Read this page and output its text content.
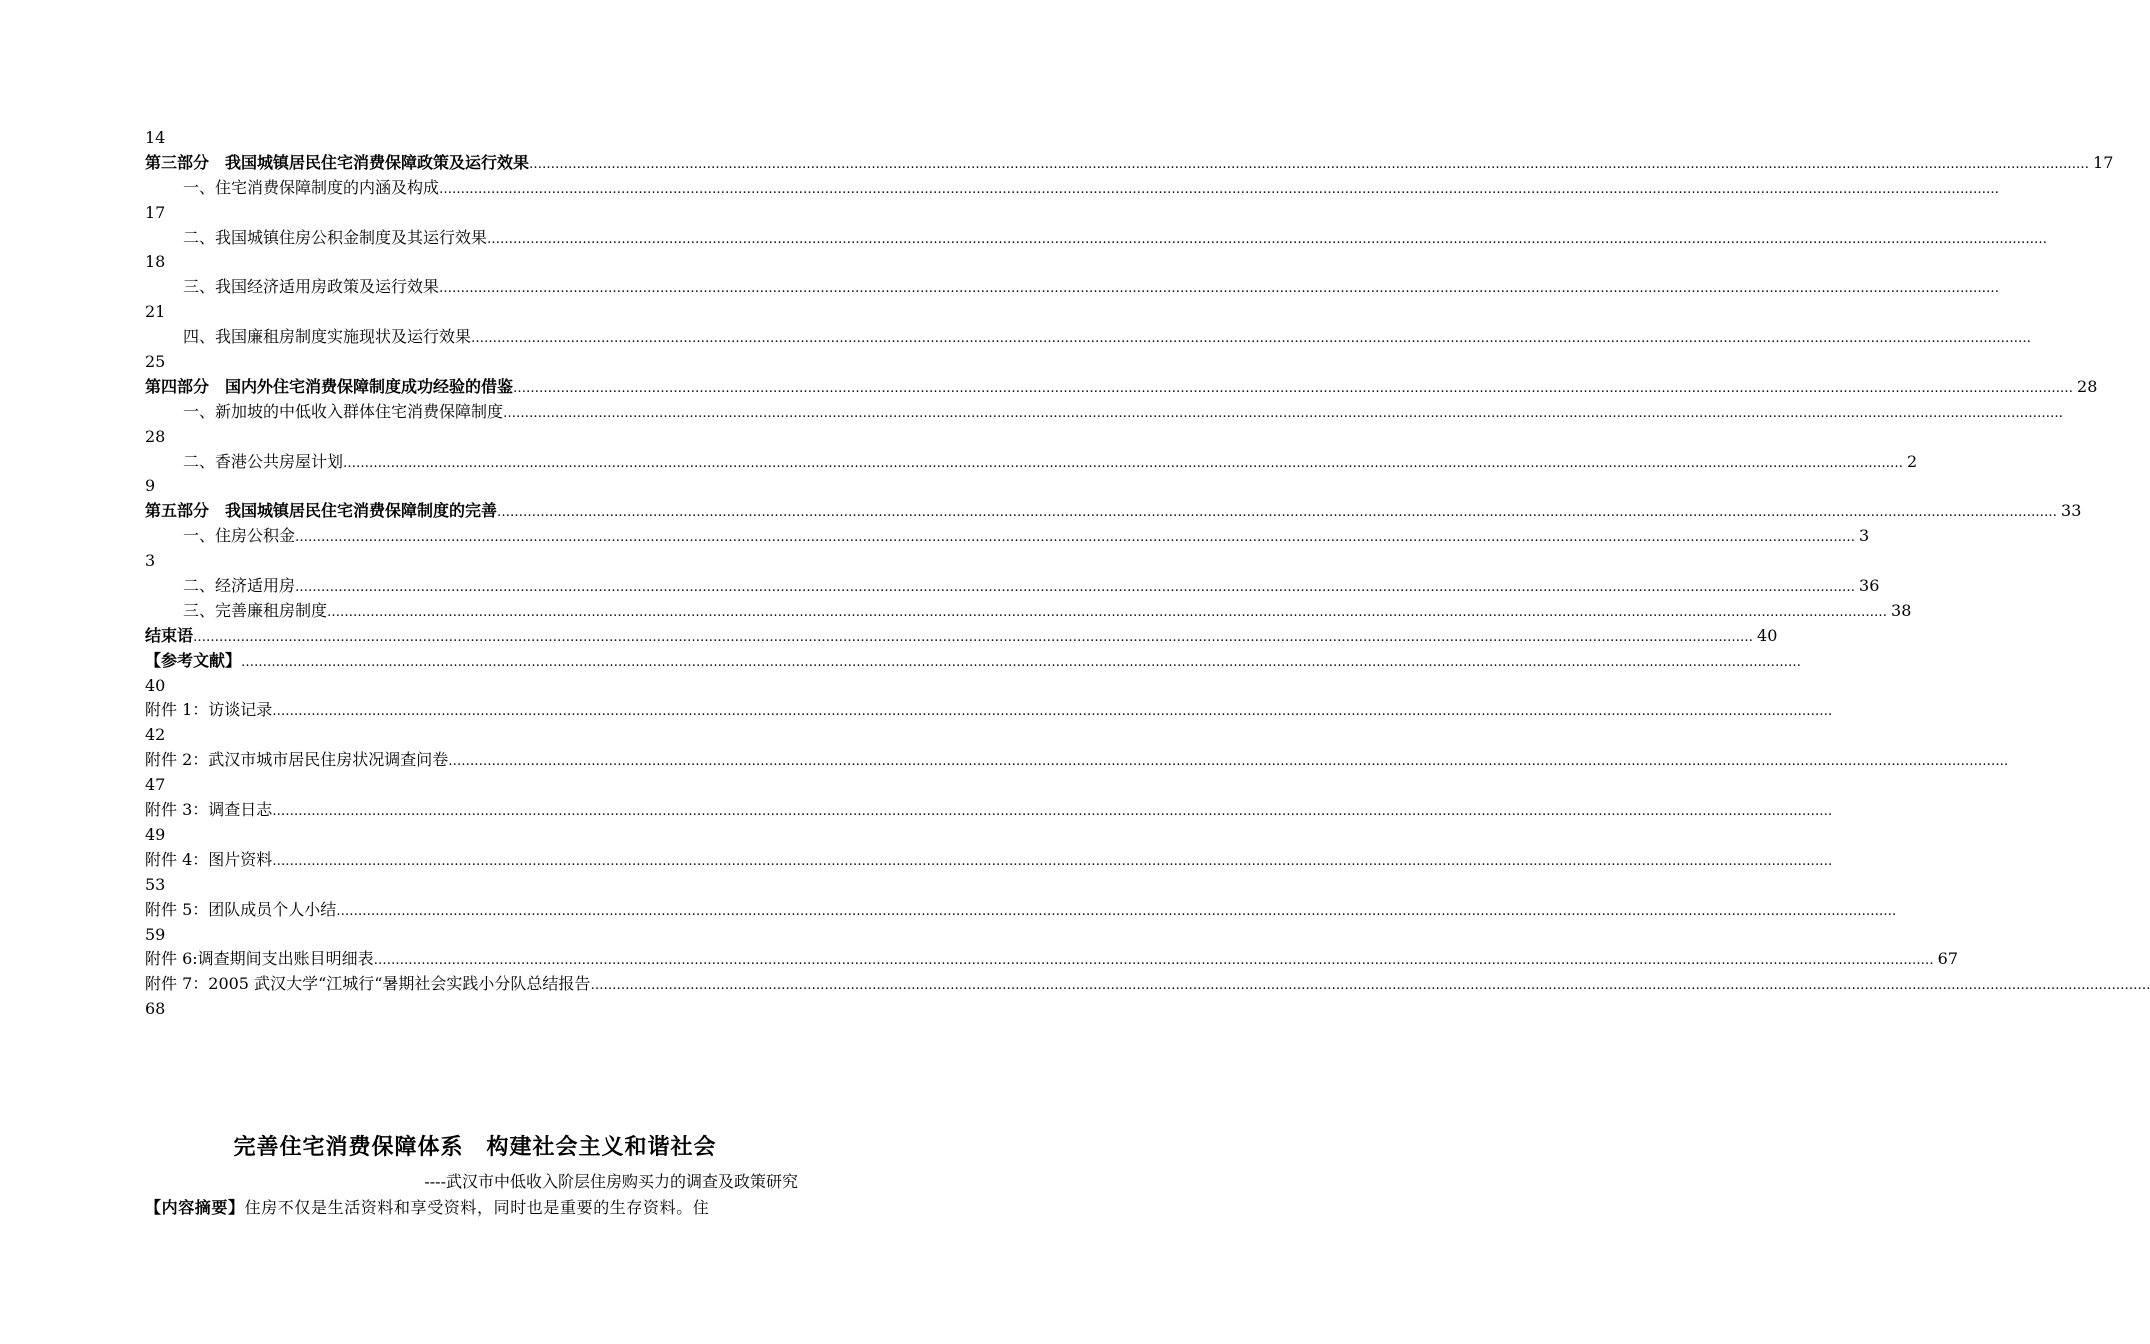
14
第三部分　我国城镇居民住宅消费保障政策及运行效果 ……………………………………………………………………………………………………………………………………………………………………………………………………………………………………………………………………………………………………………………………… 17
一、住宅消费保障制度的内涵及构成 ………………………………………………………………………………………………………………………………………………………………………………………………………………………………………………………………………………………………………………………………
17
二、我国城镇住房公积金制度及其运行效果 ………………………………………………………………………………………………………………………………………………………………………………………………………………………………………………………………………………………………………………………………
18
三、我国经济适用房政策及运行效果 ………………………………………………………………………………………………………………………………………………………………………………………………………………………………………………………………………………………………………………………………
21
四、我国廉租房制度实施现状及运行效果 ………………………………………………………………………………………………………………………………………………………………………………………………………………………………………………………………………………………………………………………………
25
第四部分　国内外住宅消费保障制度成功经验的借鉴 ……………………………………………………………………………………………………………………………………………………………………………………………………………………………………………………………………………………………………………………………… 28
一、新加坡的中低收入群体住宅消费保障制度 ………………………………………………………………………………………………………………………………………………………………………………………………………………………………………………………………………………………………………………………………
28
二、香港公共房屋计划 ……………………………………………………………………………………………………………………………………………………………………………………………………………………………………………………………………………………………………………………………… 2
9
第五部分　我国城镇居民住宅消费保障制度的完善 ……………………………………………………………………………………………………………………………………………………………………………………………………………………………………………………………………………………………………………………………… 33
一、住房公积金 ……………………………………………………………………………………………………………………………………………………………………………………………………………………………………………………………………………………………………………………………… 3
3
二、经济适用房 ……………………………………………………………………………………………………………………………………………………………………………………………………………………………………………………………………………………………………………………………… 36
三、完善廉租房制度 ……………………………………………………………………………………………………………………………………………………………………………………………………………………………………………………………………………………………………………………………… 38
结束语 ……………………………………………………………………………………………………………………………………………………………………………………………………………………………………………………………………………………………………………………………… 40
【参考文献】 ………………………………………………………………………………………………………………………………………………………………………………………………………………………………………………………………………………………………………………………………
40
附件 1：访谈记录 ………………………………………………………………………………………………………………………………………………………………………………………………………………………………………………………………………………………………………………………………
42
附件 2：武汉市城市居民住房状况调查问卷 ………………………………………………………………………………………………………………………………………………………………………………………………………………………………………………………………………………………………………………………………
47
附件 3：调查日志 ………………………………………………………………………………………………………………………………………………………………………………………………………………………………………………………………………………………………………………………………
49
附件 4：图片资料 ………………………………………………………………………………………………………………………………………………………………………………………………………………………………………………………………………………………………………………………………
53
附件 5：团队成员个人小结 ………………………………………………………………………………………………………………………………………………………………………………………………………………………………………………………………………………………………………………………………
59
附件 6:调查期间支出账目明细表 ……………………………………………………………………………………………………………………………………………………………………………………………………………………………………………………………………………………………………………………………… 67
附件 7：2005 武汉大学“江城行“暑期社会实践小分队总结报告 ………………………………………………………………………………………………………………………………………………………………………………………………………………………………………………………………………………………………………………………………
68
完善住宅消费保障体系　构建社会主义和谐社会
----武汉市中低收入阶层住房购买力的调查及政策研究
【内容摘要】住房不仅是生活资料和享受资料，同时也是重要的生存资料。住
